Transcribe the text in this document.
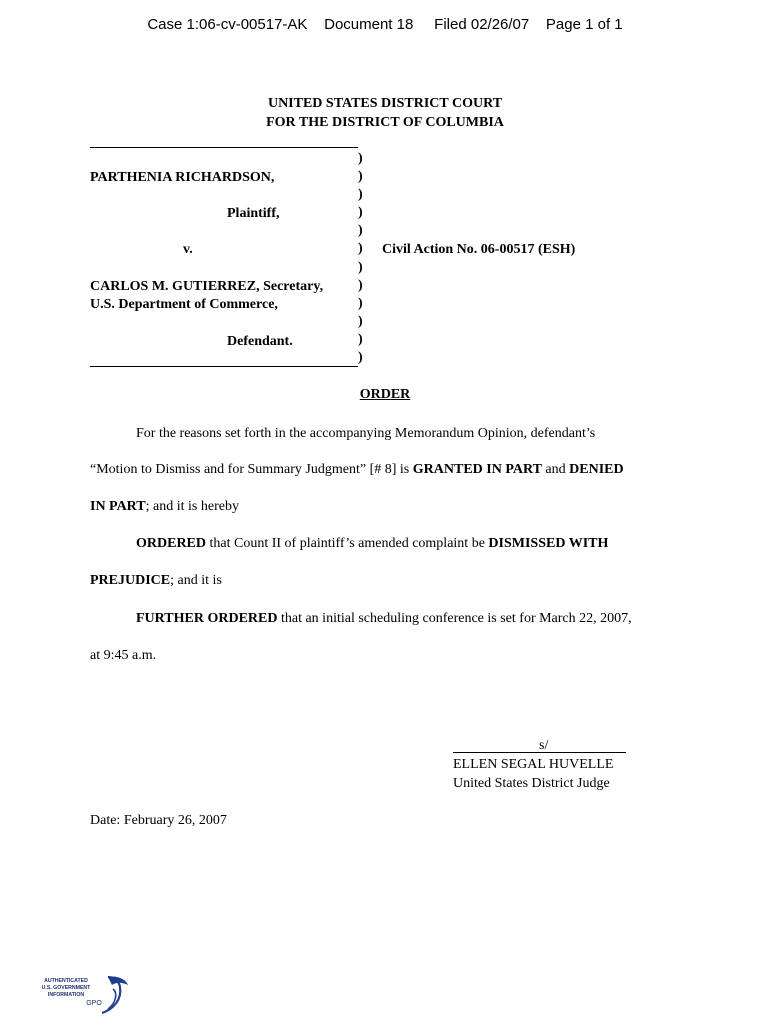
Case 1:06-cv-00517-AK Document 18 Filed 02/26/07 Page 1 of 1
UNITED STATES DISTRICT COURT
FOR THE DISTRICT OF COLUMBIA
)
)
)
)
)
)
)
)
)
)
)
)
PARTHENIA RICHARDSON,
Plaintiff,
v.
CARLOS M. GUTIERREZ, Secretary,
U.S. Department of Commerce,
Defendant.
Civil Action No. 06-00517 (ESH)
ORDER
For the reasons set forth in the accompanying Memorandum Opinion, defendant’s
“Motion to Dismiss and for Summary Judgment” [# 8] is GRANTED IN PART and DENIED
IN PART; and it is hereby
ORDERED that Count II of plaintiff’s amended complaint be DISMISSED WITH
PREJUDICE; and it is
FURTHER ORDERED that an initial scheduling conference is set for March 22, 2007,
at 9:45 a.m.
s/
ELLEN SEGAL HUVELLE
United States District Judge
Date: February 26, 2007
AUTHENTICATED
U.S. GOVERNMENT
INFORMATION
GPO
